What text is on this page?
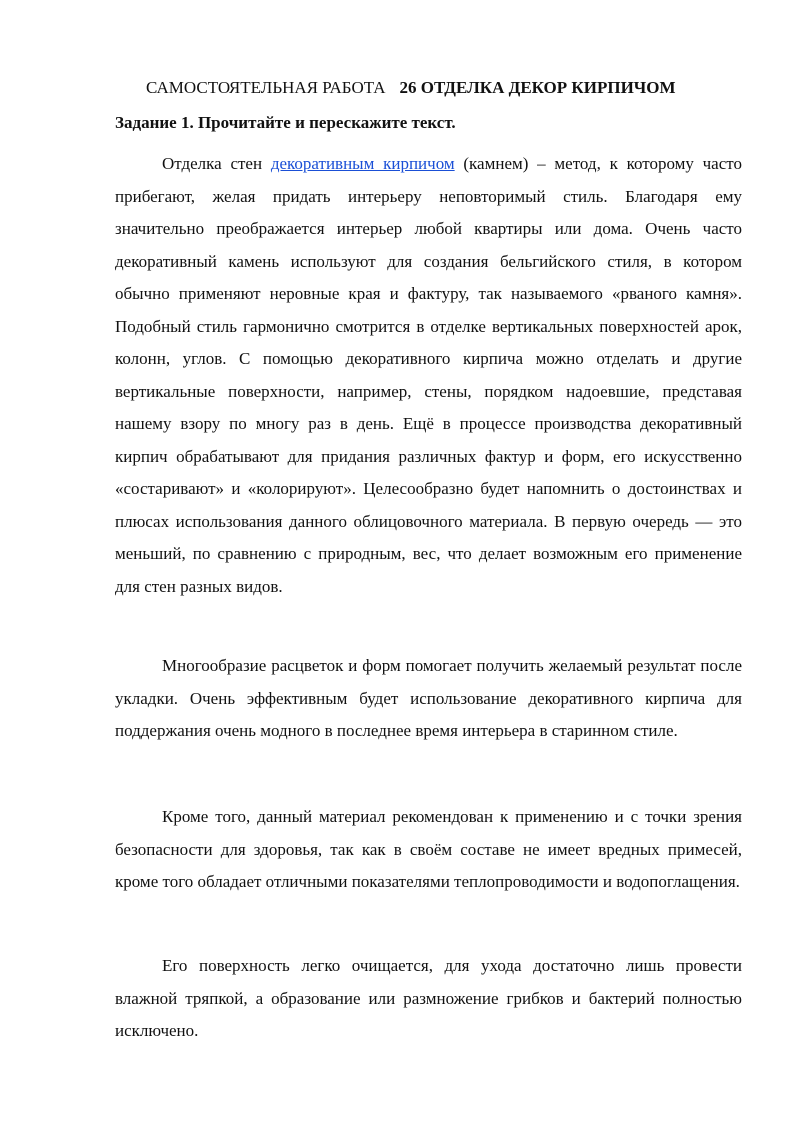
САМОСТОЯТЕЛЬНАЯ РАБОТА 26 ОТДЕЛКА ДЕКОР КИРПИЧОМ
Задание 1. Прочитайте и перескажите текст.

Отделка стен декоративным кирпичом (камнем) – метод, к которому часто прибегают, желая придать интерьеру неповторимый стиль. Благодаря ему значительно преображается интерьер любой квартиры или дома. Очень часто декоративный камень используют для создания бельгийского стиля, в котором обычно применяют неровные края и фактуру, так называемого «рваного камня». Подобный стиль гармонично смотрится в отделке вертикальных поверхностей арок, колонн, углов. С помощью декоративного кирпича можно отделать и другие вертикальные поверхности, например, стены, порядком надоевшие, представая нашему взору по многу раз в день. Ещё в процессе производства декоративный кирпич обрабатывают для придания различных фактур и форм, его искусственно «состаривают» и «колорируют». Целесообразно будет напомнить о достоинствах и плюсах использования данного облицовочного материала. В первую очередь — это меньший, по сравнению с природным, вес, что делает возможным его применение для стен разных видов.

Многообразие расцветок и форм помогает получить желаемый результат после укладки. Очень эффективным будет использование декоративного кирпича для поддержания очень модного в последнее время интерьера в старинном стиле.

Кроме того, данный материал рекомендован к применению и с точки зрения безопасности для здоровья, так как в своём составе не имеет вредных примесей, кроме того обладает отличными показателями теплопроводимости и водопоглащения.

Его поверхность легко очищается, для ухода достаточно лишь провести влажной тряпкой, а образование или размножение грибков и бактерий полностью исключено.
